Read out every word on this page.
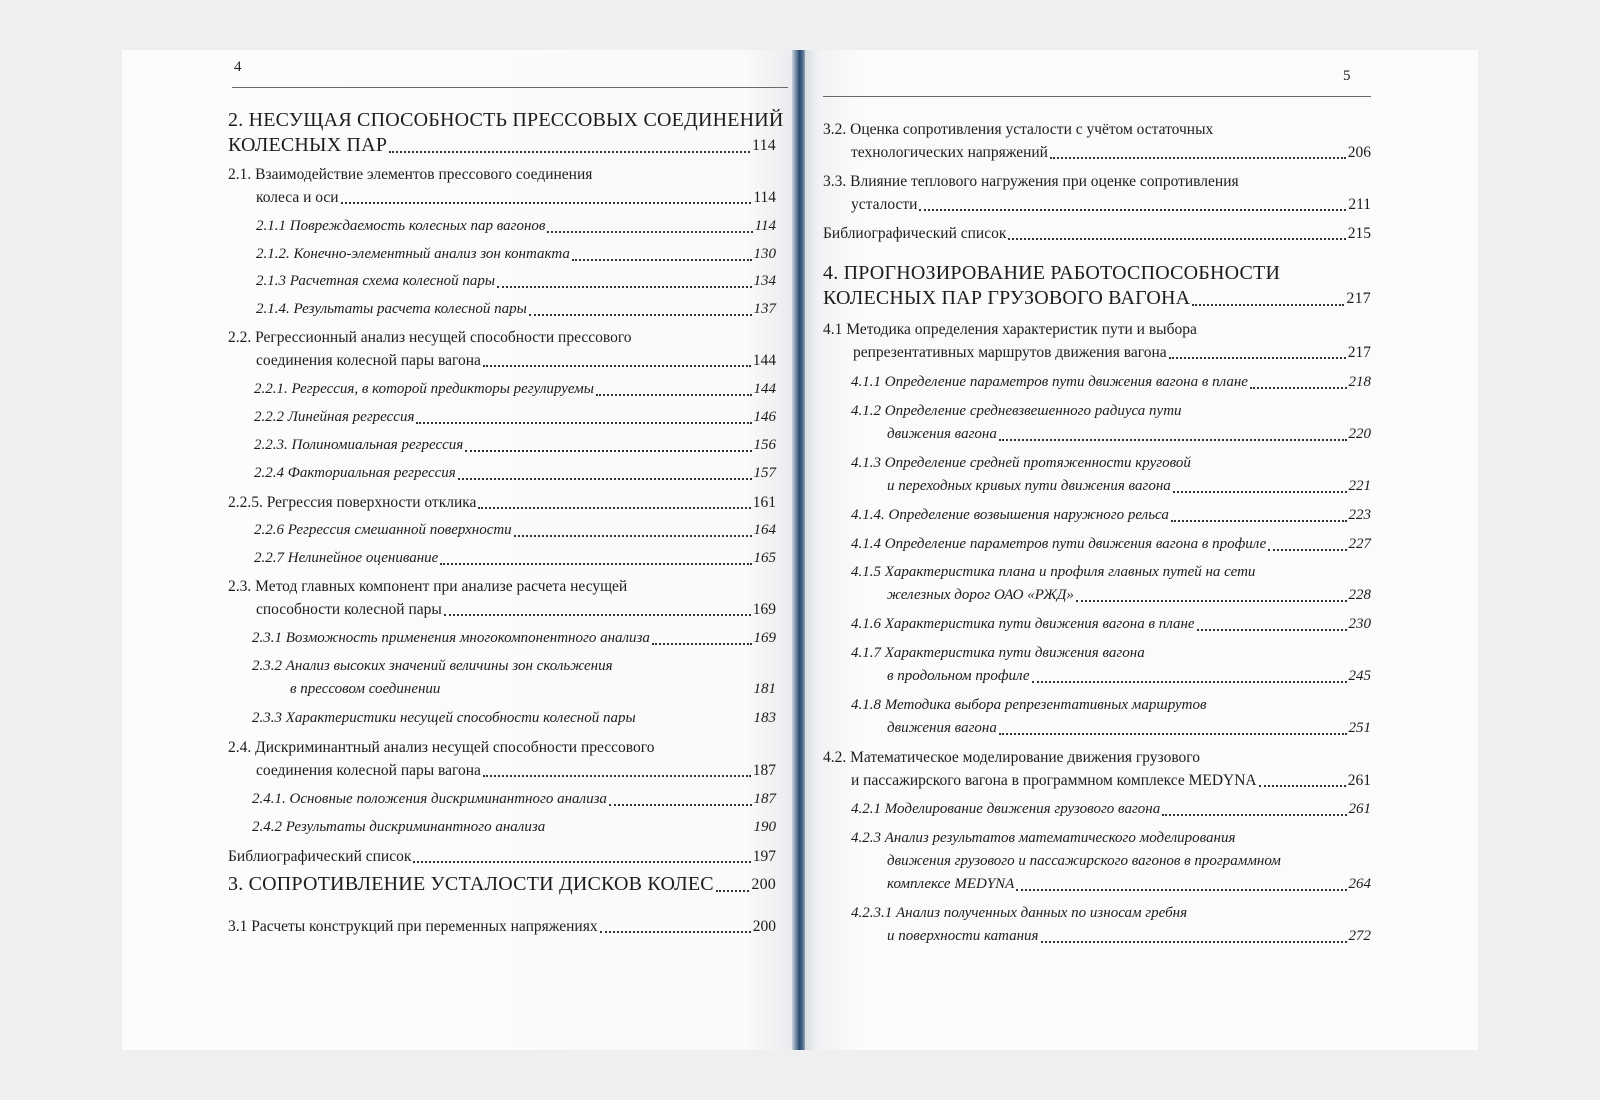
4
2. НЕСУЩАЯ СПОСОБНОСТЬ ПРЕССОВЫХ СОЕДИНЕНИЙ
КОЛЕСНЫХ ПАР	114
2.1. Взаимодействие элементов прессового соединения
колеса и оси	114
2.1.1 Повреждаемость колесных пар вагонов	114
2.1.2. Конечно-элементный анализ зон контакта	130
2.1.3 Расчетная схема колесной пары	134
2.1.4. Результаты расчета колесной пары	137
2.2. Регрессионный анализ несущей способности прессового
соединения колесной пары вагона	144
2.2.1. Регрессия, в которой предикторы регулируемы	144
2.2.2 Линейная регрессия	146
2.2.3. Полиномиальная регрессия	156
2.2.4 Факториальная регрессия	157
2.2.5. Регрессия поверхности отклика	161
2.2.6 Регрессия смешанной поверхности	164
2.2.7 Нелинейное оценивание	165
2.3. Метод главных компонент при анализе расчета несущей
способности колесной пары	169
2.3.1 Возможность применения многокомпонентного анализа	169
2.3.2 Анализ высоких значений величины зон скольжения
в прессовом соединении	181
2.3.3 Характеристики несущей способности колесной пары	183
2.4. Дискриминантный анализ несущей способности прессового
соединения колесной пары вагона	187
2.4.1. Основные положения дискриминантного анализа	187
2.4.2 Результаты дискриминантного анализа	190
Библиографический список	197
3. СОПРОТИВЛЕНИЕ УСТАЛОСТИ ДИСКОВ КОЛЕС 200
3.1 Расчеты конструкций при переменных напряжениях	200
5
3.2. Оценка сопротивления усталости с учётом остаточных
технологических напряжений	206
3.3. Влияние теплового нагружения при оценке сопротивления
усталости	211
Библиографический список	215
4. ПРОГНОЗИРОВАНИЕ РАБОТОСПОСОБНОСТИ
КОЛЕСНЫХ ПАР ГРУЗОВОГО ВАГОНА	217
4.1 Методика определения характеристик пути и выбора
репрезентативных маршрутов движения вагона	217
4.1.1 Определение параметров пути движения вагона в плане	218
4.1.2 Определение средневзвешенного радиуса пути
движения вагона	220
4.1.3 Определение средней протяженности круговой
и переходных кривых пути движения вагона	221
4.1.4. Определение возвышения наружного рельса	223
4.1.4 Определение параметров пути движения вагона в профиле	227
4.1.5 Характеристика плана и профиля главных путей на сети
железных дорог ОАО «РЖД»	228
4.1.6 Характеристика пути движения вагона в плане	230
4.1.7 Характеристика пути движения вагона
в продольном профиле	245
4.1.8 Методика выбора репрезентативных маршрутов
движения вагона	251
4.2. Математическое моделирование движения грузового
и пассажирского вагона в программном комплексе MEDYNA	261
4.2.1 Моделирование движения грузового вагона	261
4.2.3 Анализ результатов математического моделирования
движения грузового и пассажирского вагонов в программном
комплексе MEDYNA	264
4.2.3.1 Анализ полученных данных по износам гребня
и поверхности катания	272
